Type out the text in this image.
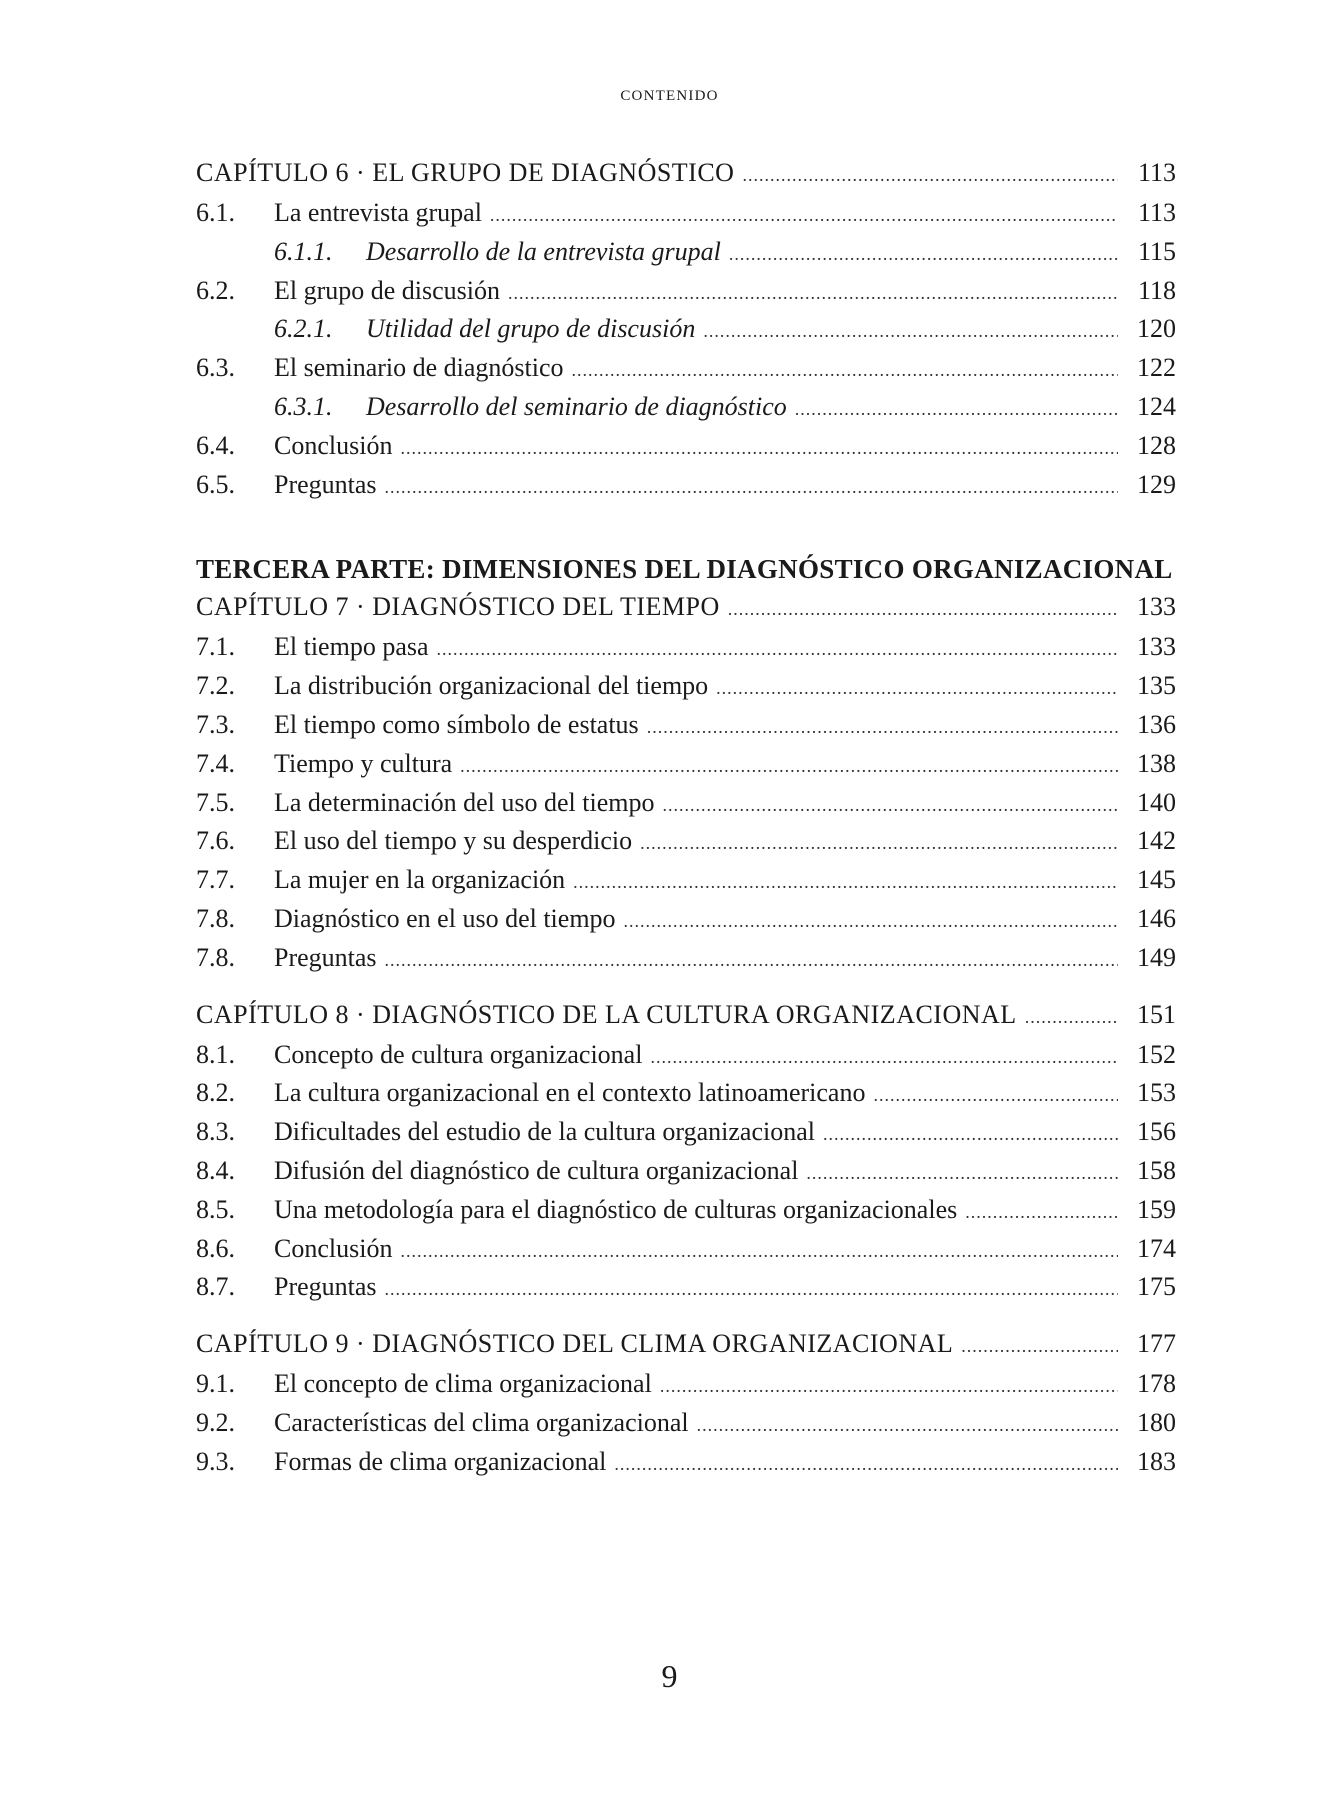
CONTENIDO
CAPÍTULO 6 · EL GRUPO DE DIAGNÓSTICO .....	113
6.1.	La entrevista grupal .....	113
6.1.1.	Desarrollo de la entrevista grupal .....	115
6.2.	El grupo de discusión .....	118
6.2.1.	Utilidad del grupo de discusión .....	120
6.3.	El seminario de diagnóstico .....	122
6.3.1.	Desarrollo del seminario de diagnóstico .....	124
6.4.	Conclusión .....	128
6.5.	Preguntas .....	129
TERCERA PARTE: DIMENSIONES DEL DIAGNÓSTICO ORGANIZACIONAL
CAPÍTULO 7 · DIAGNÓSTICO DEL TIEMPO .....	133
7.1.	El tiempo pasa .....	133
7.2.	La distribución organizacional del tiempo .....	135
7.3.	El tiempo como símbolo de estatus .....	136
7.4.	Tiempo y cultura .....	138
7.5.	La determinación del uso del tiempo .....	140
7.6.	El uso del tiempo y su desperdicio .....	142
7.7.	La mujer en la organización .....	145
7.8.	Diagnóstico en el uso del tiempo .....	146
7.8.	Preguntas .....	149
CAPÍTULO 8 · DIAGNÓSTICO DE LA CULTURA ORGANIZACIONAL .....	151
8.1.	Concepto de cultura organizacional .....	152
8.2.	La cultura organizacional en el contexto latinoamericano .....	153
8.3.	Dificultades del estudio de la cultura organizacional .....	156
8.4.	Difusión del diagnóstico de cultura organizacional .....	158
8.5.	Una metodología para el diagnóstico de culturas organizacionales .....	159
8.6.	Conclusión .....	174
8.7.	Preguntas .....	175
CAPÍTULO 9 · DIAGNÓSTICO DEL CLIMA ORGANIZACIONAL .....	177
9.1.	El concepto de clima organizacional .....	178
9.2.	Características del clima organizacional .....	180
9.3.	Formas de clima organizacional .....	183
9
